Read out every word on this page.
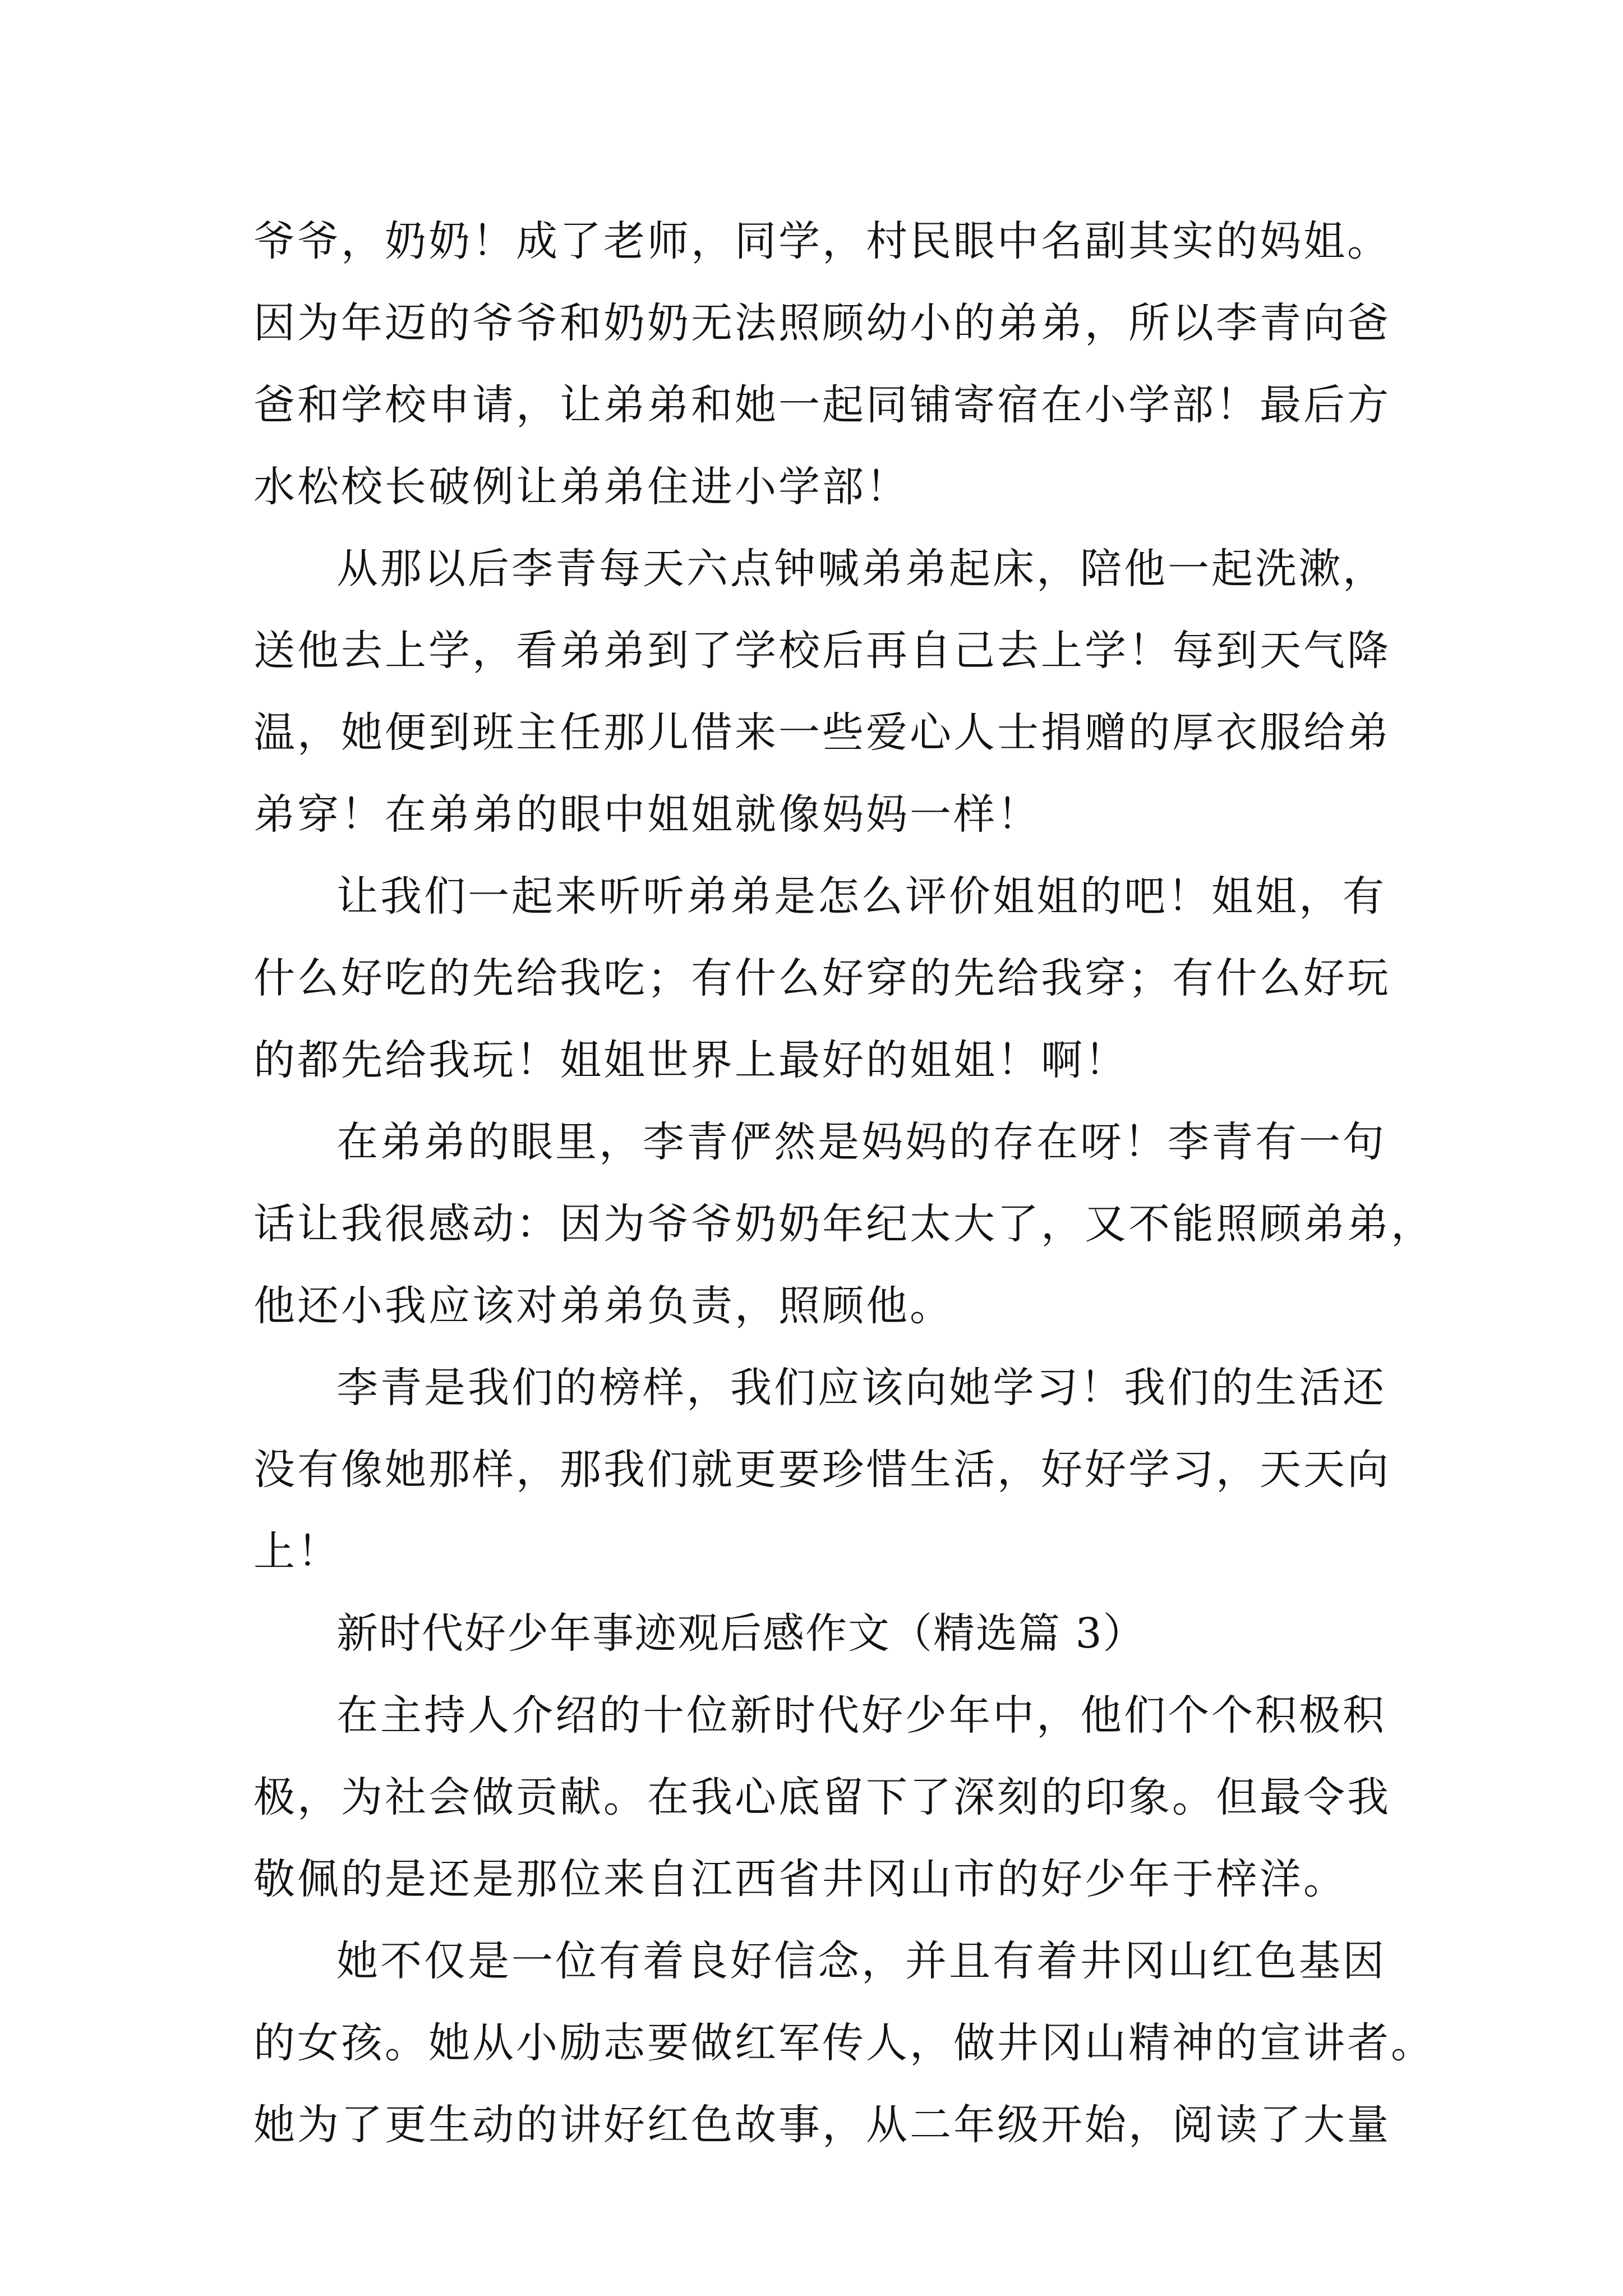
爷爷，奶奶！成了老师，同学，村民眼中名副其实的妈姐。
因为年迈的爷爷和奶奶无法照顾幼小的弟弟，所以李青向爸
爸和学校申请，让弟弟和她一起同铺寄宿在小学部！最后方
水松校长破例让弟弟住进小学部！
从那以后李青每天六点钟喊弟弟起床，陪他一起洗漱，
送他去上学，看弟弟到了学校后再自己去上学！每到天气降
温，她便到班主任那儿借来一些爱心人士捐赠的厚衣服给弟
弟穿！在弟弟的眼中姐姐就像妈妈一样！
让我们一起来听听弟弟是怎么评价姐姐的吧！姐姐，有
什么好吃的先给我吃；有什么好穿的先给我穿；有什么好玩
的都先给我玩！姐姐世界上最好的姐姐！啊！
在弟弟的眼里，李青俨然是妈妈的存在呀！李青有一句
话让我很感动：因为爷爷奶奶年纪太大了，又不能照顾弟弟，
他还小我应该对弟弟负责，照顾他。
李青是我们的榜样，我们应该向她学习！我们的生活还
没有像她那样，那我们就更要珍惜生活，好好学习，天天向
上！
新时代好少年事迹观后感作文（精选篇 3）
在主持人介绍的十位新时代好少年中，他们个个积极积
极，为社会做贡献。在我心底留下了深刻的印象。但最令我
敬佩的是还是那位来自江西省井冈山市的好少年于梓洋。
她不仅是一位有着良好信念，并且有着井冈山红色基因
的女孩。她从小励志要做红军传人，做井冈山精神的宣讲者。
她为了更生动的讲好红色故事，从二年级开始，阅读了大量
